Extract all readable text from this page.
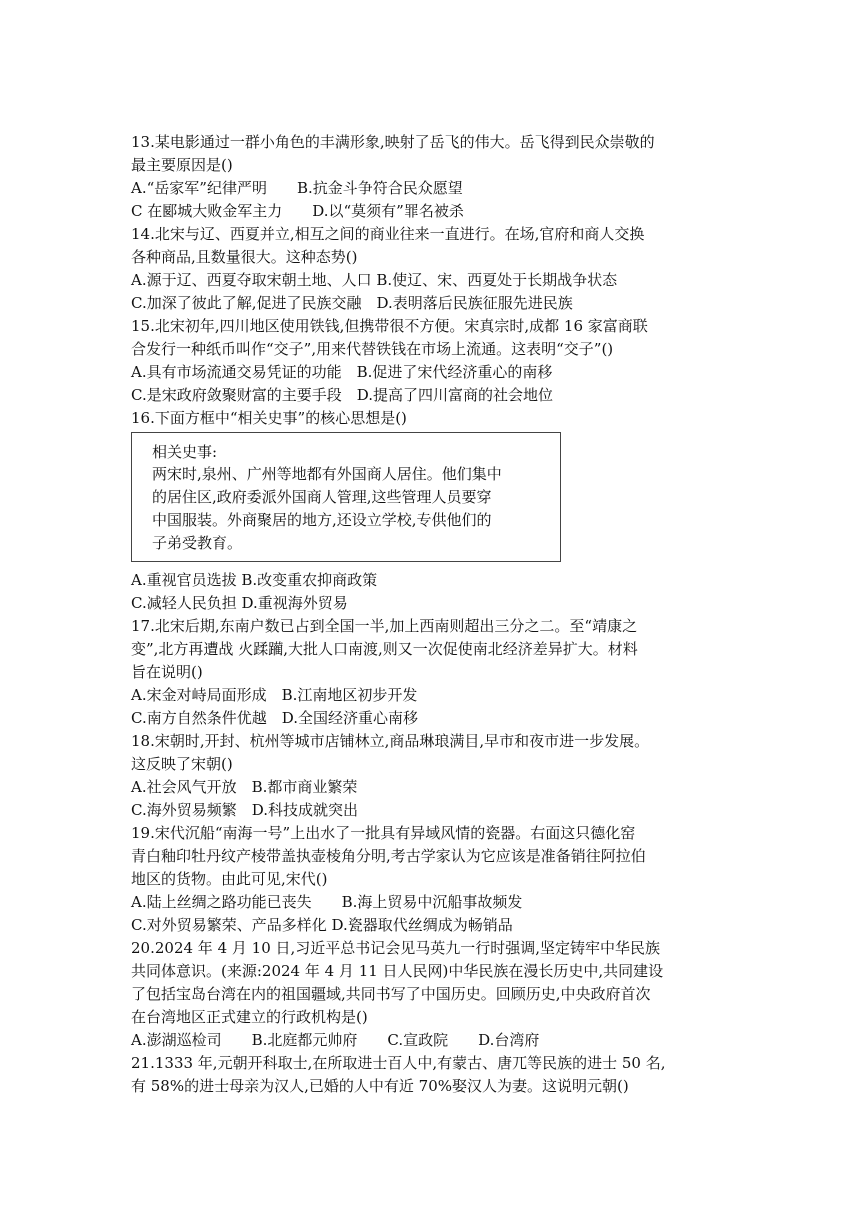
13.某电影通过一群小角色的丰满形象,映射了岳飞的伟大。岳飞得到民众崇敬的
最主要原因是()
A.“岳家军”纪律严明　　B.抗金斗争符合民众愿望
C 在郾城大败金军主力　　D.以“莫须有”罪名被杀
14.北宋与辽、西夏并立,相互之间的商业往来一直进行。在场,官府和商人交换
各种商品,且数量很大。这种态势()
A.源于辽、西夏夺取宋朝土地、人口 B.使辽、宋、西夏处于长期战争状态
C.加深了彼此了解,促进了民族交融　D.表明落后民族征服先进民族
15.北宋初年,四川地区使用铁钱,但携带很不方便。宋真宗时,成都 16 家富商联
合发行一种纸币叫作“交子”,用来代替铁钱在市场上流通。这表明“交子”()
A.具有市场流通交易凭证的功能　B.促进了宋代经济重心的南移
C.是宋政府敛聚财富的主要手段　D.提高了四川富商的社会地位
16.下面方框中“相关史事”的核心思想是()
相关史事:
两宋时,泉州、广州等地都有外国商人居住。他们集中
的居住区,政府委派外国商人管理,这些管理人员要穿
中国服装。外商聚居的地方,还设立学校,专供他们的
子弟受教育。
A.重视官员选拔 B.改变重农抑商政策
C.减轻人民负担 D.重视海外贸易
17.北宋后期,东南户数已占到全国一半,加上西南则超出三分之二。至“靖康之
变”,北方再遭战 火蹂躏,大批人口南渡,则又一次促使南北经济差异扩大。材料
旨在说明()
A.宋金对峙局面形成　B.江南地区初步开发
C.南方自然条件优越　D.全国经济重心南移
18.宋朝时,开封、杭州等城市店铺林立,商品琳琅满目,早市和夜市进一步发展。
这反映了宋朝()
A.社会风气开放　B.都市商业繁荣
C.海外贸易频繁　D.科技成就突出
19.宋代沉船“南海一号”上出水了一批具有异域风情的瓷器。右面这只德化窑
青白釉印牡丹纹产棱带盖执壶棱角分明,考古学家认为它应该是准备销往阿拉伯
地区的货物。由此可见,宋代()
A.陆上丝绸之路功能已丧失　　B.海上贸易中沉船事故频发
C.对外贸易繁荣、产品多样化 D.瓷器取代丝绸成为畅销品
20.2024 年 4 月 10 日,习近平总书记会见马英九一行时强调,坚定铸牢中华民族
共同体意识。(来源:2024 年 4 月 11 日人民网)中华民族在漫长历史中,共同建设
了包括宝岛台湾在内的祖国疆域,共同书写了中国历史。回顾历史,中央政府首次
在台湾地区正式建立的行政机构是()
A.澎湖巡检司　　B.北庭都元帅府　　C.宣政院　　D.台湾府
21.1333 年,元朝开科取士,在所取进士百人中,有蒙古、唐兀等民族的进士 50 名,
有 58%的进士母亲为汉人,已婚的人中有近 70%娶汉人为妻。这说明元朝()
